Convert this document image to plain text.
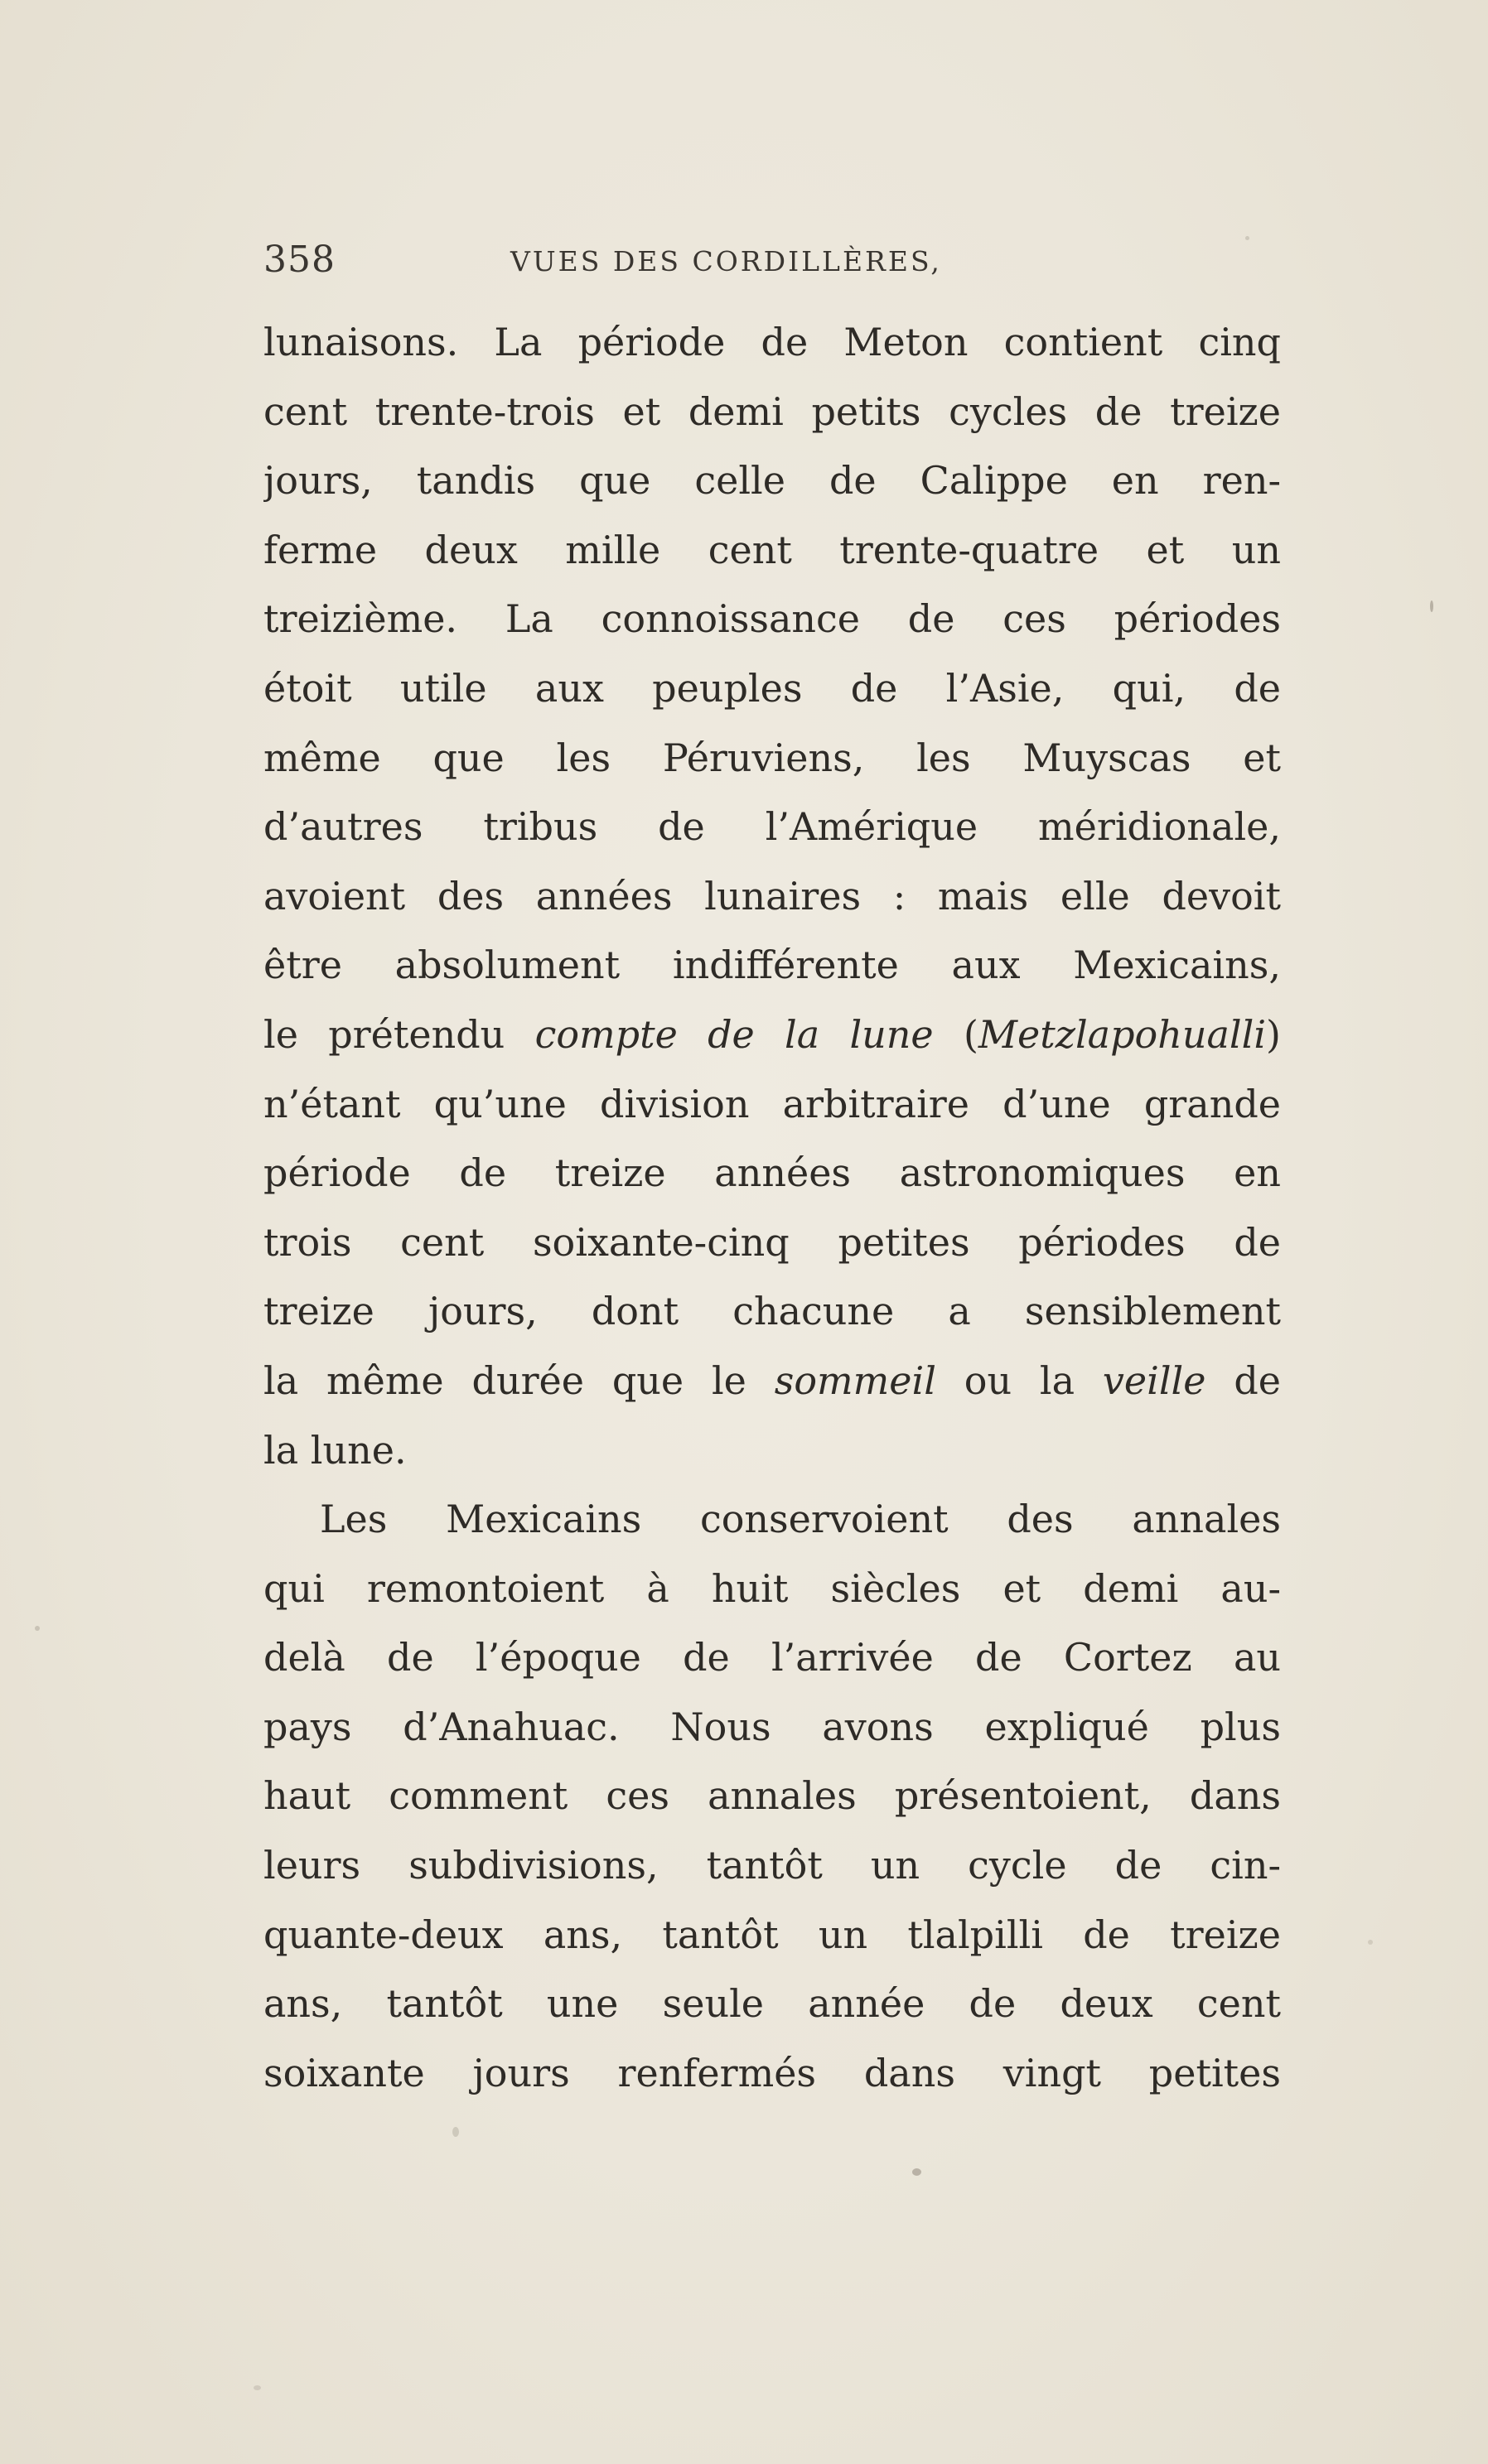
358	VUES DES CORDILLÈRES,
lunaisons. La période de Meton contient cinq
cent trente-trois et demi petits cycles de treize
jours, tandis que celle de Calippe en ren-
ferme deux mille cent trente-quatre et un
treizième. La connoissance de ces périodes
étoit utile aux peuples de l’Asie, qui, de
même que les Péruviens, les Muyscas et
d’autres tribus de l’Amérique méridionale,
avoient des années lunaires : mais elle devoit
être absolument indifférente aux Mexicains,
le prétendu compte de la lune (Metzlapohualli)
n’étant qu’une division arbitraire d’une grande
période de treize années astronomiques en
trois cent soixante-cinq petites périodes de
treize jours, dont chacune a sensiblement
la même durée que le sommeil ou la veille de
la lune.
Les Mexicains conservoient des annales
qui remontoient à huit siècles et demi au-
delà de l’époque de l’arrivée de Cortez au
pays d’Anahuac. Nous avons expliqué plus
haut comment ces annales présentoient, dans
leurs subdivisions, tantôt un cycle de cin-
quante-deux ans, tantôt un tlalpilli de treize
ans, tantôt une seule année de deux cent
soixante jours renfermés dans vingt petites
